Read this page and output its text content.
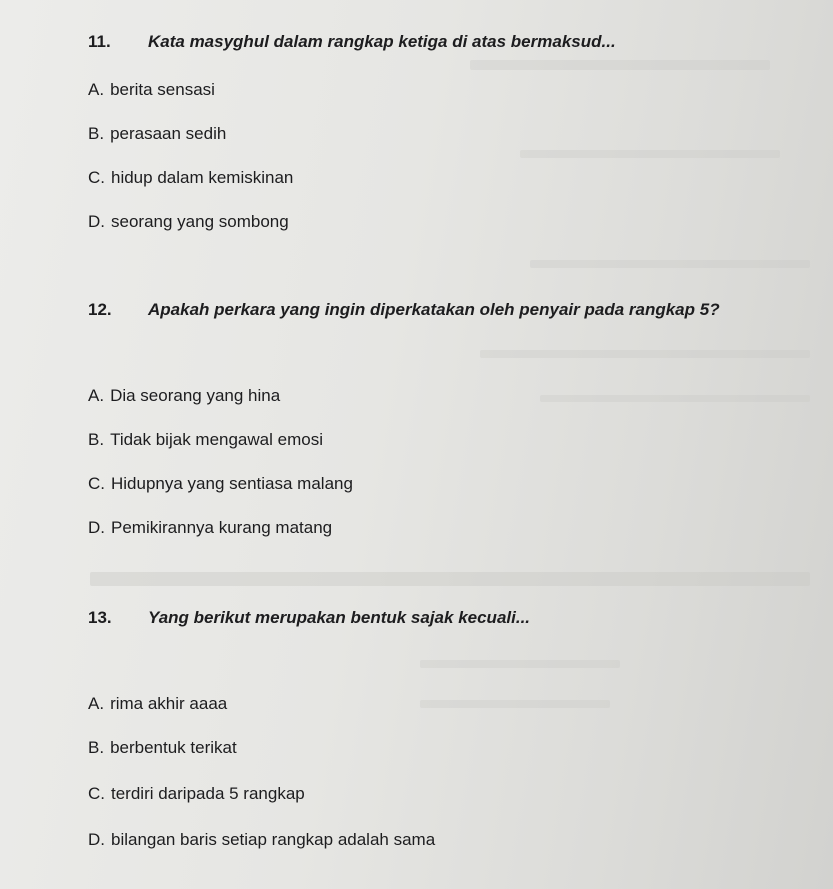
11. Kata masyghul dalam rangkap ketiga di atas bermaksud...
A. berita sensasi
B. perasaan sedih
C. hidup dalam kemiskinan
D. seorang yang sombong
12. Apakah perkara yang ingin diperkatakan oleh penyair pada rangkap 5?
A. Dia seorang yang hina
B. Tidak bijak mengawal emosi
C. Hidupnya yang sentiasa malang
D. Pemikirannya kurang matang
13. Yang berikut merupakan bentuk sajak kecuali...
A. rima akhir aaaa
B. berbentuk terikat
C. terdiri daripada 5 rangkap
D. bilangan baris setiap rangkap adalah sama
